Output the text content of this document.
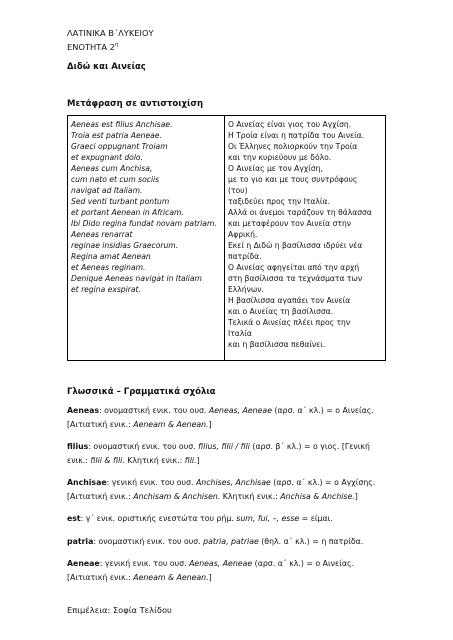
ΛΑΤΙΝΙΚΑ Β΄ΛΥΚΕΙΟΥ
ΕΝΟΤΗΤΑ $2^\eta$
Διδώ και Αινείας
Μετάφραση σε αντιστοιχίση
Aeneas est filius Anchisae.
Troia est patria Aeneae.
Graeci oppugnant Troiam
et expugnant dolo.
Aeneas cum Anchisa,
cum nato et cum sociis
navigat ad Italiam.
Sed venti turbant pontum
et portant Aenean in Africam.
Ibi Dido regina fundat novam patriam.
Aeneas renarrat
reginae insidias Graecorum.
Regina amat Aenean
et Aeneas reginam.
Denique Aeneas navigat in Italiam
et regina exspirat.

Ο Αινείας είναι γιος του Αγχίση.
Η Τροία είναι η πατρίδα του Αινεία.
Οι Έλληνες πολιορκούν την Τροία
και την κυριεύουν με δόλο.
Ο Αινείας με τον Αγχίση,
με το γιο και με τους συντρόφους
(του)
ταξιδεύει προς την Ιταλία.
Αλλά οι άνεμοι ταράζουν τη θάλασσα
και μεταφέρουν τον Αινεία στην
Αφρική.
Εκεί η Διδώ η βασίλισσα ιδρύει νέα
πατρίδα.
Ο Αινείας αφηγείται από την αρχή
στη βασίλισσα τα τεχνάσματα των
Ελλήνων.
Η βασίλισσα αγαπάει τον Αινεία
και ο Αινείας τη βασίλισσα.
Τελικά ο Αινείας πλέει προς την
Ιταλία
και η βασίλισσα πεθαίνει.
Γλωσσικά – Γραμματικά σχόλια
Aeneas: ονομαστική ενικ. του ουσ. Aeneas, Aeneae (αρσ. α΄ κλ.) = ο Αινείας. [Αιτιατική ενικ.: Aeneam & Aenean.]
filius: ονομαστική ενικ. του ουσ. filius, filii / fili (αρσ. β΄ κλ.) = ο γιος. [Γενική ενικ.: filii & fili. Κλητική ενικ.: fili.]
Anchisae: γενική ενικ. του ουσ. Anchises, Anchisae (αρσ. α΄ κλ.) = ο Αγχίσης. [Αιτιατική ενικ.: Anchisam & Anchisen. Κλητική ενικ.: Anchisa & Anchise.]
est: γ΄ ενικ. οριστικής ενεστώτα του ρήμ. sum, fui, –, esse = είμαι.
patria: ονομαστική ενικ. του ουσ. patria, patriae (θηλ. α΄ κλ.) = η πατρίδα.
Aeneae: γενική ενικ. του ουσ. Aeneas, Aeneae (αρσ. α΄ κλ.) = ο Αινείας. [Αιτιατική ενικ.: Aeneam & Aenean.]
Επιμέλεια: Σοφία Τελίδου
